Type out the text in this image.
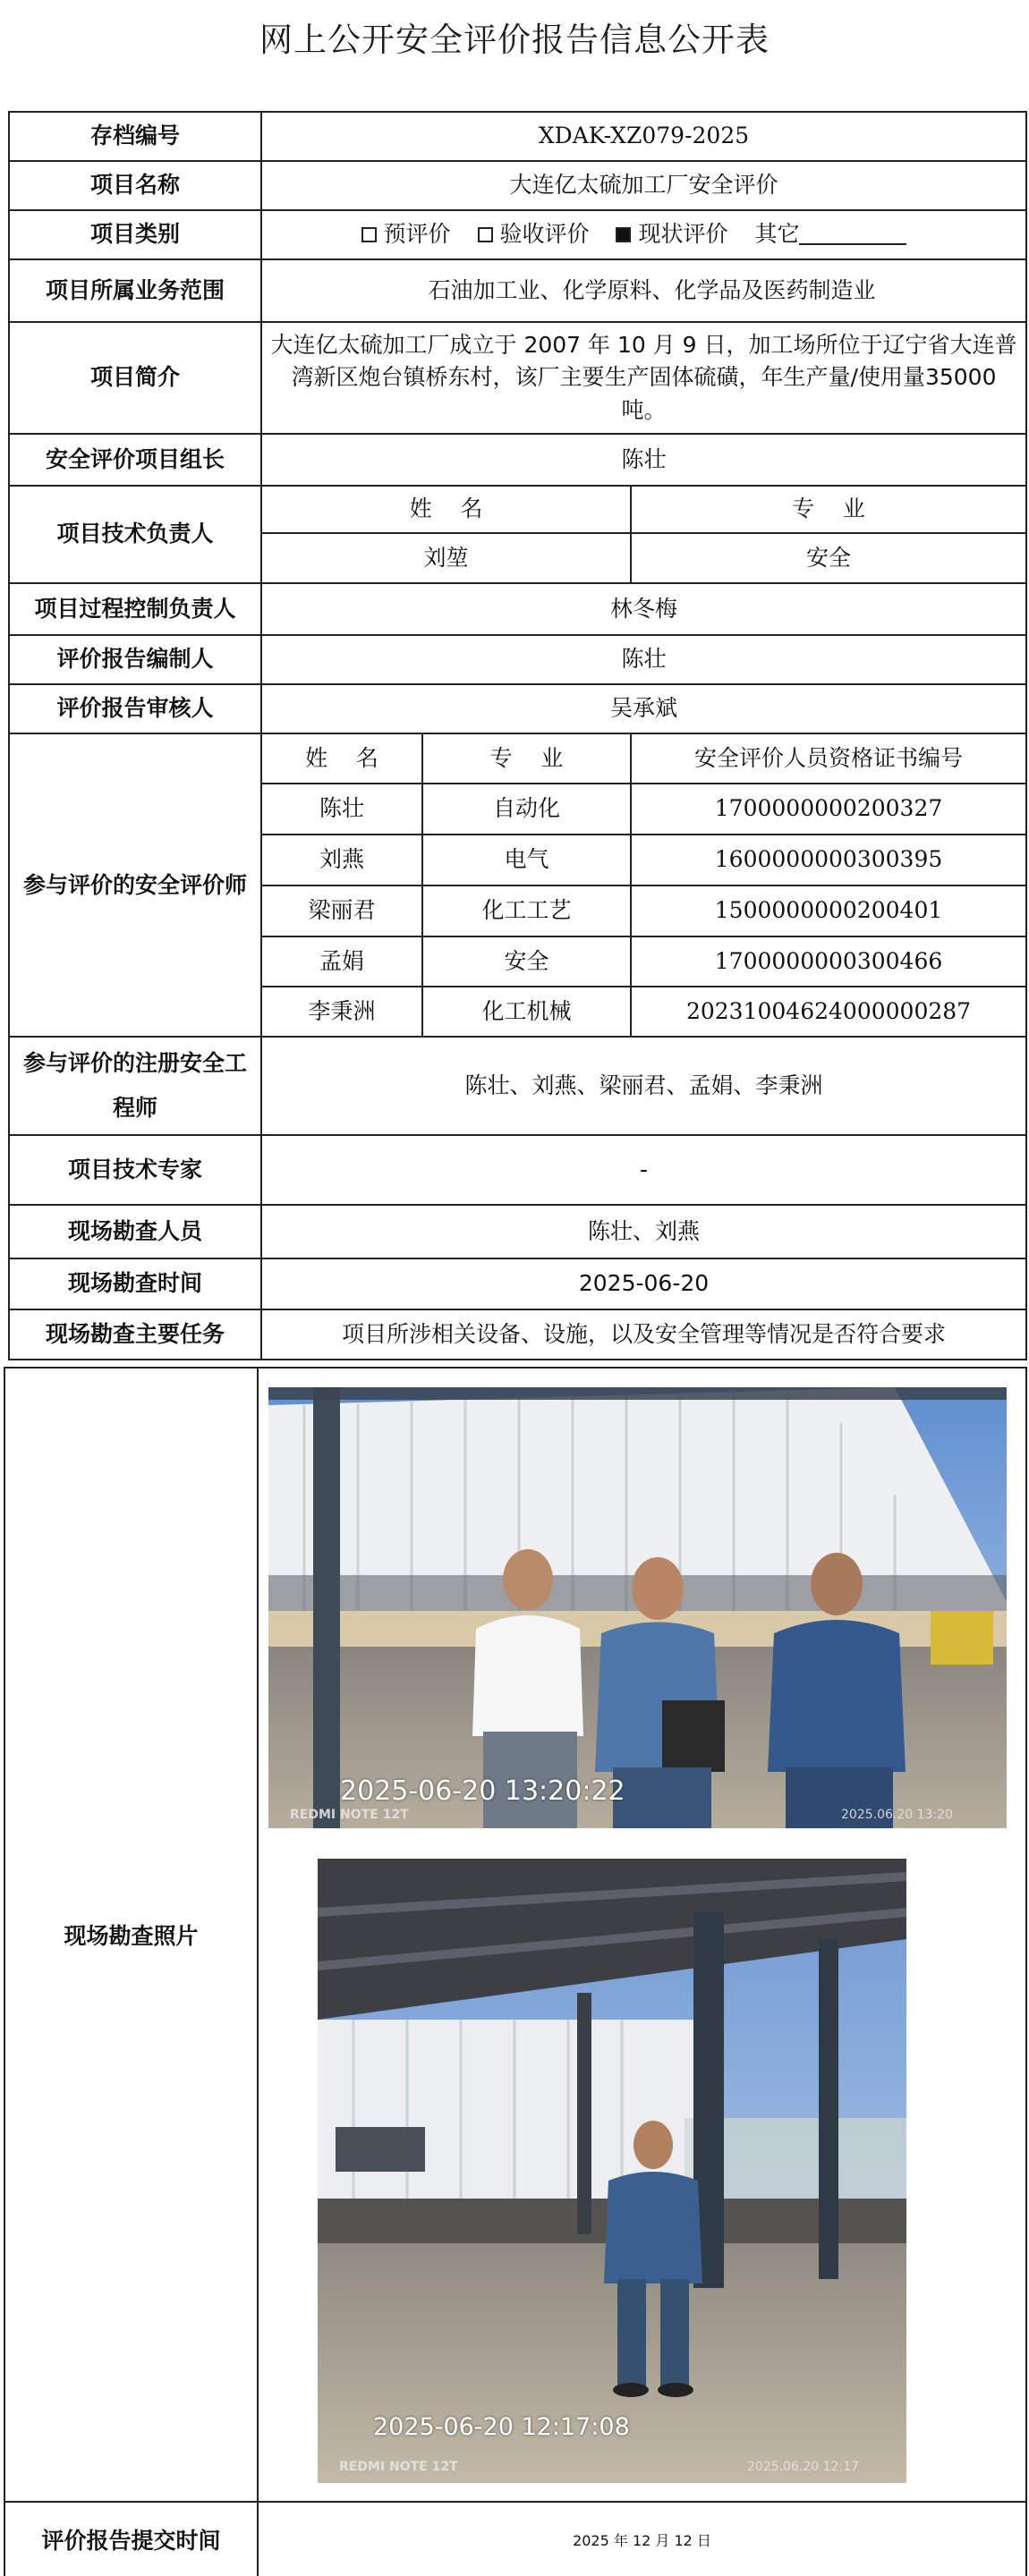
网上公开安全评价报告信息公开表
存档编号	XDAK-XZ079-2025		
项目名称	大连亿太硫加工厂安全评价		
项目类别	预评价 验收评价 现状评价 其它		
项目所属业务范围	石油加工业、化学原料、化学品及医药制造业		
项目简介	大连亿太硫加工厂成立于 2007 年 10 月 9 日，加工场所位于辽宁省大连普湾新区炮台镇桥东村，该厂主要生产固体硫磺，年生产量/使用量35000 吨。		
安全评价项目组长	陈壮		
项目技术负责人	姓    名		专    业
	刘堃		安全
项目过程控制负责人	林冬梅		
评价报告编制人	陈壮		
评价报告审核人	吴承斌		
参与评价的安全评价师	姓    名	专    业	安全评价人员资格证书编号
	陈壮	自动化	1700000000200327
	刘燕	电气	1600000000300395
	梁丽君	化工工艺	1500000000200401
	孟娟	安全	1700000000300466
	李秉洲	化工机械	20231004624000000287
参与评价的注册安全工程师	陈壮、刘燕、梁丽君、孟娟、李秉洲		
项目技术专家	-		
现场勘查人员	陈壮、刘燕		
现场勘查时间	2025-06-20		
现场勘查主要任务	项目所涉相关设备、设施，以及安全管理等情况是否符合要求		
现场勘查照片	
评价报告提交时间	2025 年 12 月 12 日
2025-06-20 13:20:22
REDMI NOTE 12T	2025.06.20 13:20
2025-06-20 12:17:08
REDMI NOTE 12T	2025.06.20 12:17
